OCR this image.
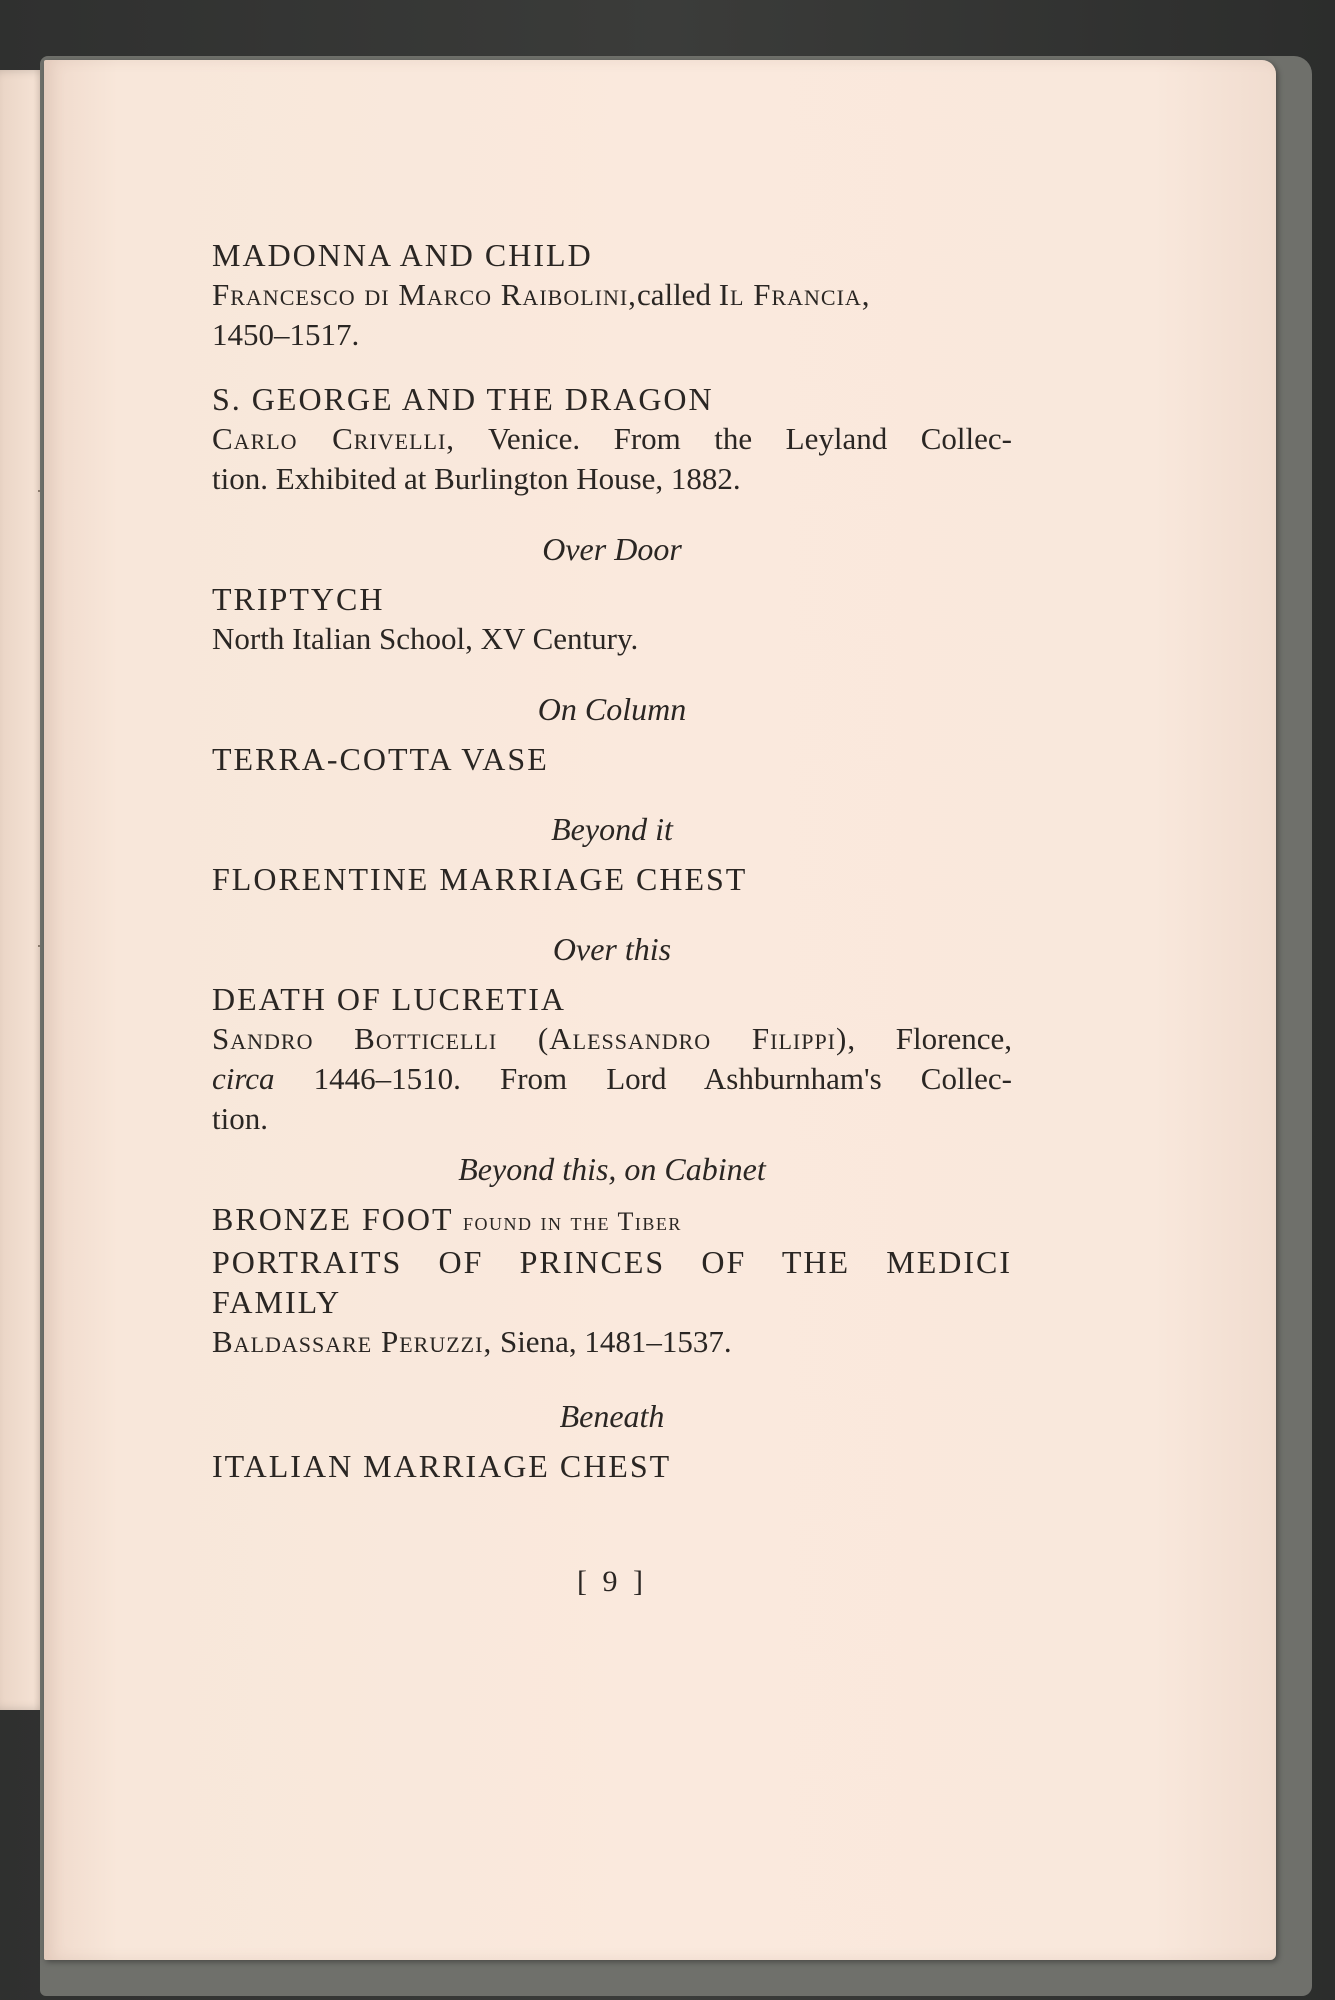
MADONNA AND CHILD
Francesco di Marco Raibolini,called Il Francia,
1450–1517.
S. GEORGE AND THE DRAGON
Carlo Crivelli, Venice. From the Leyland Collec-
tion. Exhibited at Burlington House, 1882.
Over Door
TRIPTYCH
North Italian School, XV Century.
On Column
TERRA-COTTA VASE
Beyond it
FLORENTINE MARRIAGE CHEST
Over this
DEATH OF LUCRETIA
Sandro Botticelli (Alessandro Filippi), Florence,
circa 1446–1510. From Lord Ashburnham's Collec-
tion.
Beyond this, on Cabinet
BRONZE FOOT found in the Tiber
PORTRAITS OF PRINCES OF THE MEDICI
FAMILY
Baldassare Peruzzi, Siena, 1481–1537.
Beneath
ITALIAN MARRIAGE CHEST
[ 9 ]
